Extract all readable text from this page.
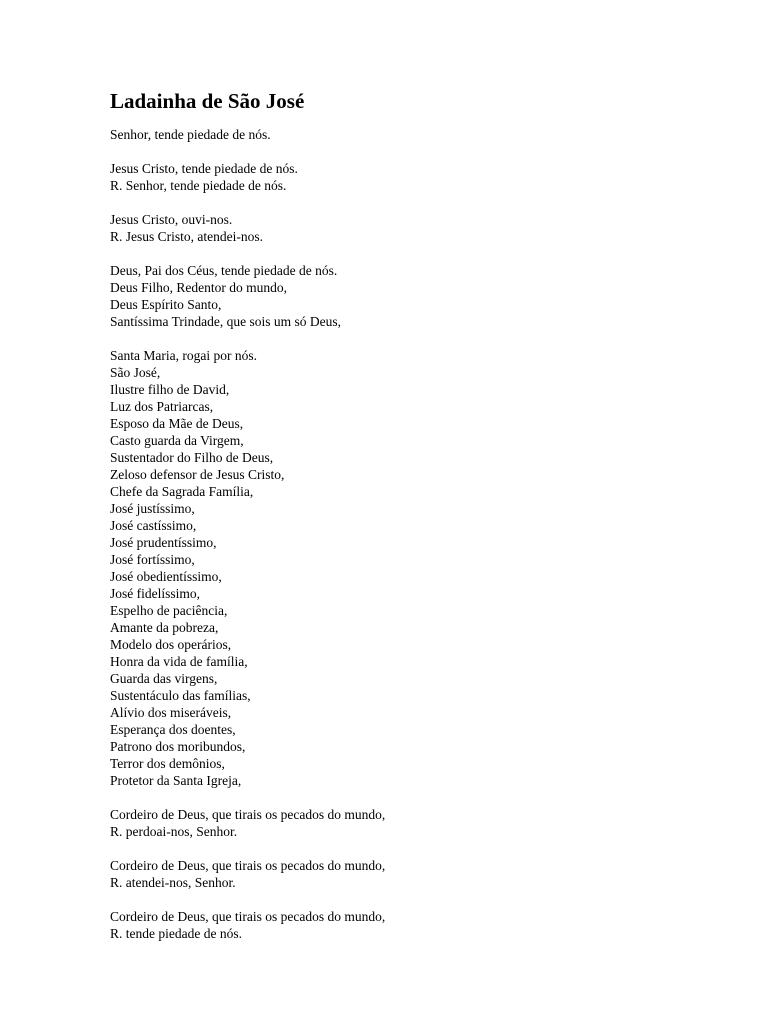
Ladainha de São José
Senhor, tende piedade de nós.
Jesus Cristo, tende piedade de nós.
R. Senhor, tende piedade de nós.
Jesus Cristo, ouvi-nos.
R. Jesus Cristo, atendei-nos.
Deus, Pai dos Céus, tende piedade de nós.
Deus Filho, Redentor do mundo,
Deus Espírito Santo,
Santíssima Trindade, que sois um só Deus,
Santa Maria, rogai por nós.
São José,
Ilustre filho de David,
Luz dos Patriarcas,
Esposo da Mãe de Deus,
Casto guarda da Virgem,
Sustentador do Filho de Deus,
Zeloso defensor de Jesus Cristo,
Chefe da Sagrada Família,
José justíssimo,
José castíssimo,
José prudentíssimo,
José fortíssimo,
José obedientíssimo,
José fidelíssimo,
Espelho de paciência,
Amante da pobreza,
Modelo dos operários,
Honra da vida de família,
Guarda das virgens,
Sustentáculo das famílias,
Alívio dos miseráveis,
Esperança dos doentes,
Patrono dos moribundos,
Terror dos demônios,
Protetor da Santa Igreja,
Cordeiro de Deus, que tirais os pecados do mundo,
R. perdoai-nos, Senhor.
Cordeiro de Deus, que tirais os pecados do mundo,
R. atendei-nos, Senhor.
Cordeiro de Deus, que tirais os pecados do mundo,
R. tende piedade de nós.
